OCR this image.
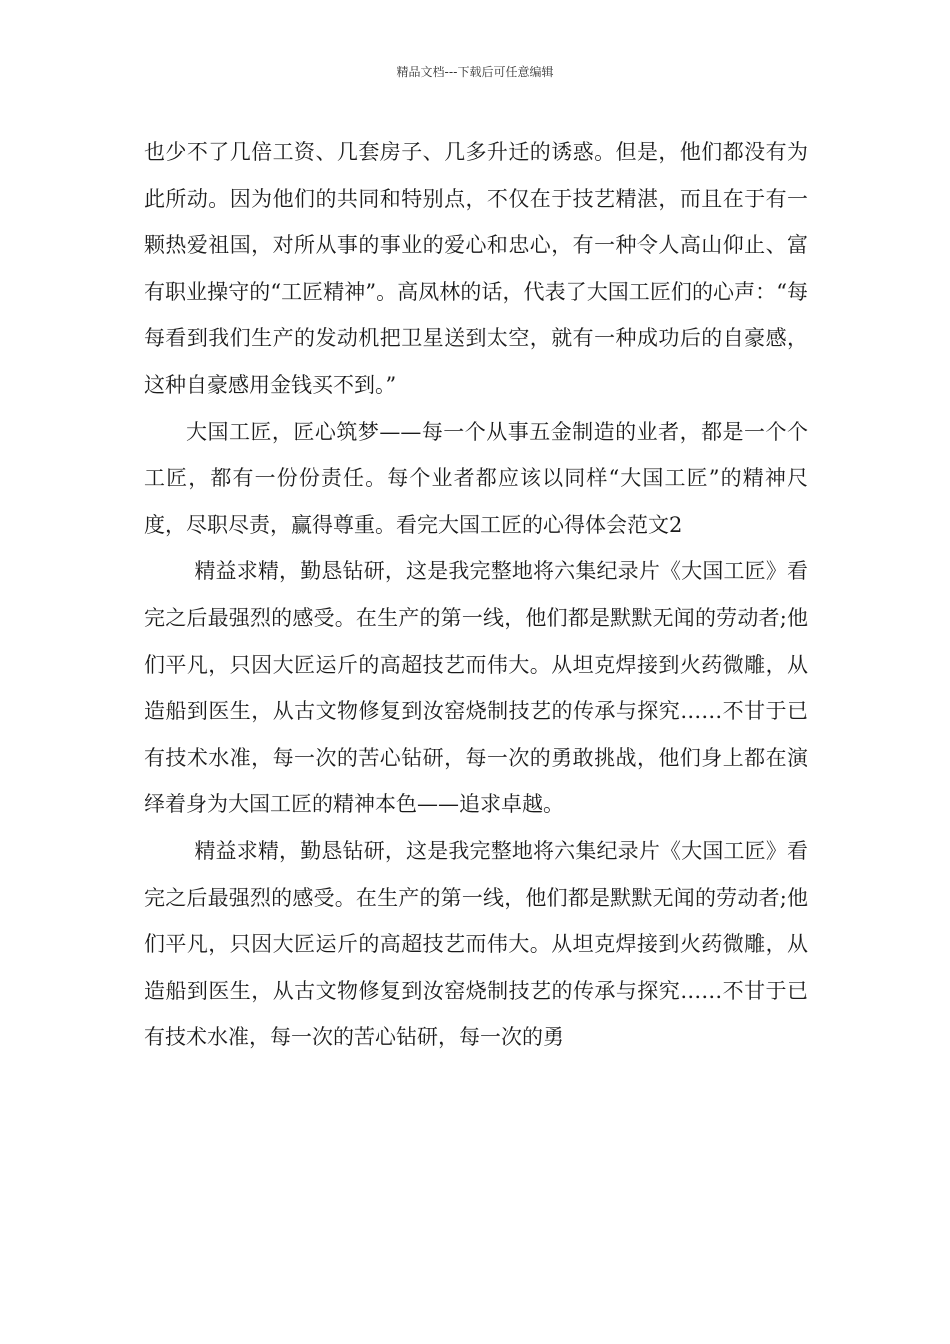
精品文档---下载后可任意编辑

也少不了几倍工资、几套房子、几多升迁的诱惑。但是，他们都没有为此所动。因为他们的共同和特别点，不仅在于技艺精湛，而且在于有一颗热爱祖国，对所从事的事业的爱心和忠心，有一种令人高山仰止、富有职业操守的“工匠精神”。高凤林的话，代表了大国工匠们的心声：“每每看到我们生产的发动机把卫星送到太空，就有一种成功后的自豪感，这种自豪感用金钱买不到。”

大国工匠，匠心筑梦——每一个从事五金制造的业者，都是一个个工匠，都有一份份责任。每个业者都应该以同样“大国工匠”的精神尺度，尽职尽责，赢得尊重。看完大国工匠的心得体会范文2

精益求精，勤恳钻研，这是我完整地将六集纪录片《大国工匠》看完之后最强烈的感受。在生产的第一线，他们都是默默无闻的劳动者;他们平凡，只因大匠运斤的高超技艺而伟大。从坦克焊接到火药微雕，从造船到医生，从古文物修复到汝窑烧制技艺的传承与探究……不甘于已有技术水准，每一次的苦心钻研，每一次的勇敢挑战，他们身上都在演绎着身为大国工匠的精神本色——追求卓越。

精益求精，勤恳钻研，这是我完整地将六集纪录片《大国工匠》看完之后最强烈的感受。在生产的第一线，他们都是默默无闻的劳动者;他们平凡，只因大匠运斤的高超技艺而伟大。从坦克焊接到火药微雕，从造船到医生，从古文物修复到汝窑烧制技艺的传承与探究……不甘于已有技术水准，每一次的苦心钻研，每一次的勇
